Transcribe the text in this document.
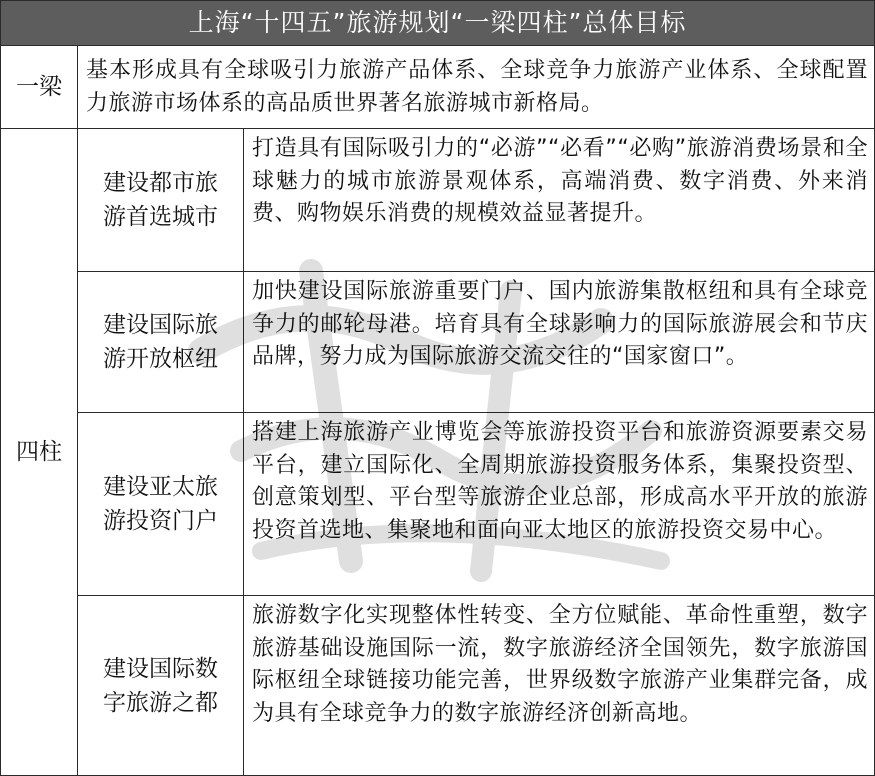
上海“十四五”旅游规划“一梁四柱”总体目标
一梁
基本形成具有全球吸引力旅游产品体系、全球竞争力旅游产业体系、全球配置力旅游市场体系的高品质世界著名旅游城市新格局。
四柱
建设都市旅游首选城市
打造具有国际吸引力的“必游”“必看”“必购”旅游消费场景和全球魅力的城市旅游景观体系，高端消费、数字消费、外来消费、购物娱乐消费的规模效益显著提升。
建设国际旅游开放枢纽
加快建设国际旅游重要门户、国内旅游集散枢纽和具有全球竞争力的邮轮母港。培育具有全球影响力的国际旅游展会和节庆品牌，努力成为国际旅游交流交往的“国家窗口”。
建设亚太旅游投资门户
搭建上海旅游产业博览会等旅游投资平台和旅游资源要素交易平台，建立国际化、全周期旅游投资服务体系，集聚投资型、创意策划型、平台型等旅游企业总部，形成高水平开放的旅游投资首选地、集聚地和面向亚太地区的旅游投资交易中心。
建设国际数字旅游之都
旅游数字化实现整体性转变、全方位赋能、革命性重塑，数字旅游基础设施国际一流，数字旅游经济全国领先，数字旅游国际枢纽全球链接功能完善，世界级数字旅游产业集群完备，成为具有全球竞争力的数字旅游经济创新高地。
